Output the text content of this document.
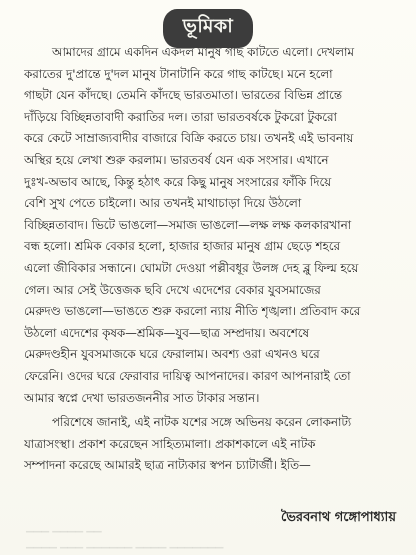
ভূমিকা
আমাদের গ্রামে একদিন একদল মানুষ গাছ কাটতে এলো। দেখলাম
করাতের দু'প্রান্তে দু'দল মানুষ টানাটানি করে গাছ কাটছে। মনে হলো
গাছটা যেন কাঁদছে। তেমনি কাঁদছে ভারতমাতা। ভারতের বিভিন্ন প্রান্তে
দাঁড়িয়ে বিচ্ছিন্নতাবাদী করাতির দল। তারা ভারতবর্ষকে টুকরো টুকরো
করে কেটে সাম্রাজ্যবাদীর বাজারে বিক্রি করতে চায়। তখনই এই ভাবনায়
অস্থির হয়ে লেখা শুরু করলাম। ভারতবর্ষ যেন এক সংসার। এখানে
দুঃখ-অভাব আছে, কিন্তু হঠাৎ করে কিছু মানুষ সংসারের ফাঁকি দিয়ে
বেশি সুখ পেতে চাইলো। আর তখনই মাথাচাড়া দিয়ে উঠলো
বিচ্ছিন্নতাবাদ। ভিটে ভাঙলো—সমাজ ভাঙলো—লক্ষ লক্ষ কলকারখানা
বন্ধ হলো। শ্রমিক বেকার হলো, হাজার হাজার মানুষ গ্রাম ছেড়ে শহরে
এলো জীবিকার সন্ধানে। ঘোমটা দেওয়া পল্লীবধূর উলঙ্গ দেহ ব্লু ফিল্ম হয়ে
গেল। আর সেই উত্তেজক ছবি দেখে এদেশের বেকার যুবসমাজের
মেরুদণ্ড ভাঙলো—ভাঙতে শুরু করলো ন্যায় নীতি শৃঙ্খলা। প্রতিবাদ করে
উঠলো এদেশের কৃষক—শ্রমিক—যুব—ছাত্র সম্প্রদায়। অবশেষে
মেরুদণ্ডহীন যুবসমাজকে ঘরে ফেরালাম। অবশ্য ওরা এখনও ঘরে
ফেরেনি। ওদের ঘরে ফেরাবার দায়িত্ব আপনাদের। কারণ আপনারাই তো
আমার স্বপ্নে দেখা ভারতজননীর সাত টাকার সন্তান।
পরিশেষে জানাই, এই নাটক যশের সঙ্গে অভিনয় করেন লোকনাট্য
যাত্রাসংস্থা। প্রকাশ করেছেন সাহিত্যমালা। প্রকাশকালে এই নাটক
সম্পাদনা করেছে আমারই ছাত্র নাট্যকার স্বপন চ্যাটার্জী। ইতি—
ভৈরবনাথ গঙ্গোপাধ্যায়
▁▁▁ ▁▁▁▁ ▁▁
▁▁▁▁ ▁▁▁ ▁▁▁▁▁▁ ▁▁▁▁ ▁▁▁▁▁▁▁
